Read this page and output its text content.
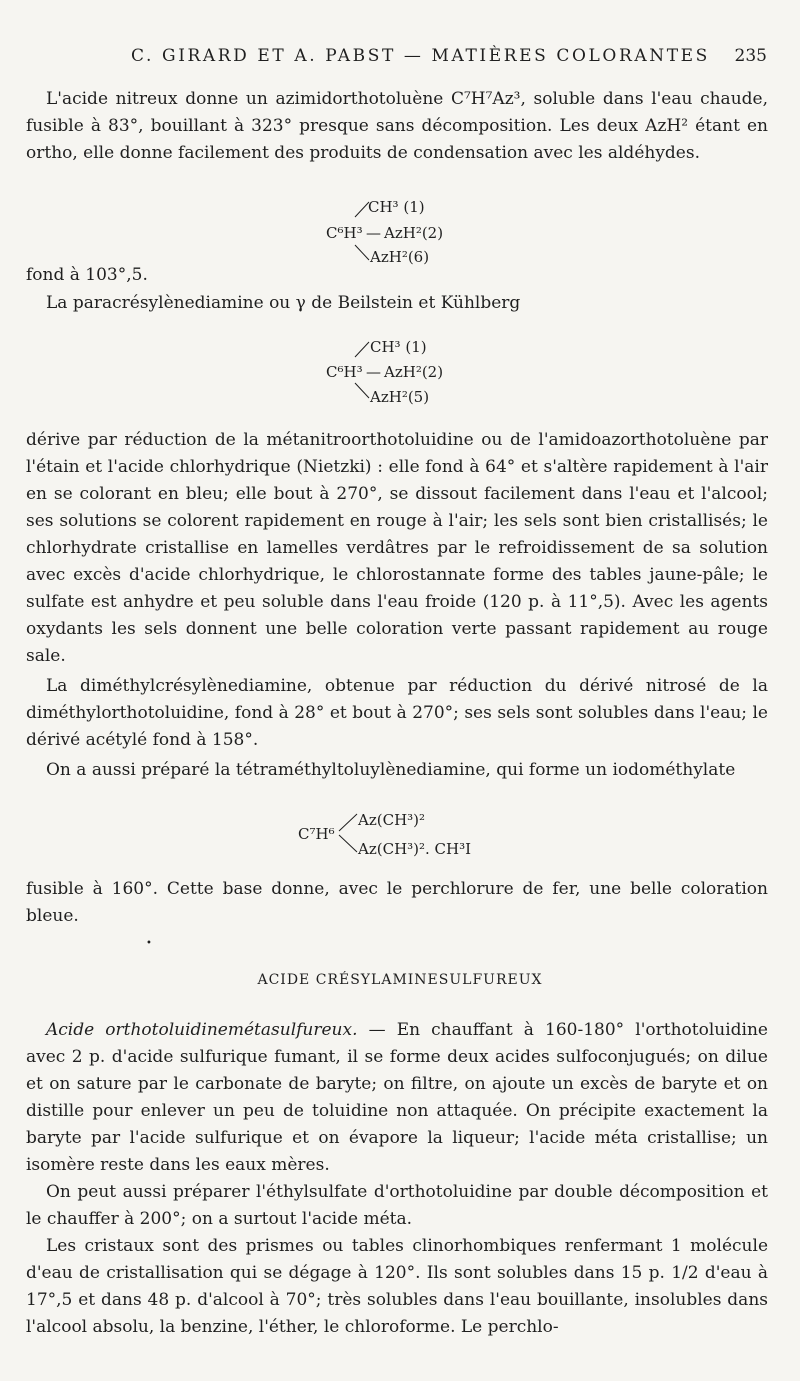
C. GIRARD ET A. PABST — MATIÈRES COLORANTES 235
L'acide nitreux donne un azimidorthotoluène C⁷H⁷Az³, soluble dans l'eau chaude, fusible à 83°, bouillant à 323° presque sans décomposition. Les deux AzH² étant en ortho, elle donne facilement des produits de condensation avec les aldéhydes.
CH³ (1)
C⁶H³ — AzH²(2)
AzH²(6)
fond à 103°,5.
La paracrésylènediamine ou γ de Beilstein et Kühlberg
CH³ (1)
C⁶H³ — AzH²(2)
AzH²(5)
dérive par réduction de la métanitroorthotoluidine ou de l'amidoazorthotoluène par l'étain et l'acide chlorhydrique (Nietzki) : elle fond à 64° et s'altère rapidement à l'air en se colorant en bleu; elle bout à 270°, se dissout facilement dans l'eau et l'alcool; ses solutions se colorent rapidement en rouge à l'air; les sels sont bien cristallisés; le chlorhydrate cristallise en lamelles verdâtres par le refroidissement de sa solution avec excès d'acide chlorhydrique, le chlorostannate forme des tables jaune-pâle; le sulfate est anhydre et peu soluble dans l'eau froide (120 p. à 11°,5). Avec les agents oxydants les sels donnent une belle coloration verte passant rapidement au rouge sale.
La diméthylcrésylènediamine, obtenue par réduction du dérivé nitrosé de la diméthylorthotoluidine, fond à 28° et bout à 270°; ses sels sont solubles dans l'eau; le dérivé acétylé fond à 158°.
On a aussi préparé la tétraméthyltoluylènediamine, qui forme un iodométhylate
Az(CH³)²
C⁷H⁶
Az(CH³)². CH³I
fusible à 160°. Cette base donne, avec le perchlorure de fer, une belle coloration bleue.
•
ACIDE CRÉSYLAMINESULFUREUX
Acide orthotoluidinemétasulfureux. — En chauffant à 160-180° l'orthotoluidine avec 2 p. d'acide sulfurique fumant, il se forme deux acides sulfoconjugués; on dilue et on sature par le carbonate de baryte; on filtre, on ajoute un excès de baryte et on distille pour enlever un peu de toluidine non attaquée. On précipite exactement la baryte par l'acide sulfurique et on évapore la liqueur; l'acide méta cristallise; un isomère reste dans les eaux mères.
On peut aussi préparer l'éthylsulfate d'orthotoluidine par double décomposition et le chauffer à 200°; on a surtout l'acide méta.
Les cristaux sont des prismes ou tables clinorhombiques renfermant 1 molécule d'eau de cristallisation qui se dégage à 120°. Ils sont solubles dans 15 p. 1/2 d'eau à 17°,5 et dans 48 p. d'alcool à 70°; très solubles dans l'eau bouillante, insolubles dans l'alcool absolu, la benzine, l'éther, le chloroforme. Le perchlo-
